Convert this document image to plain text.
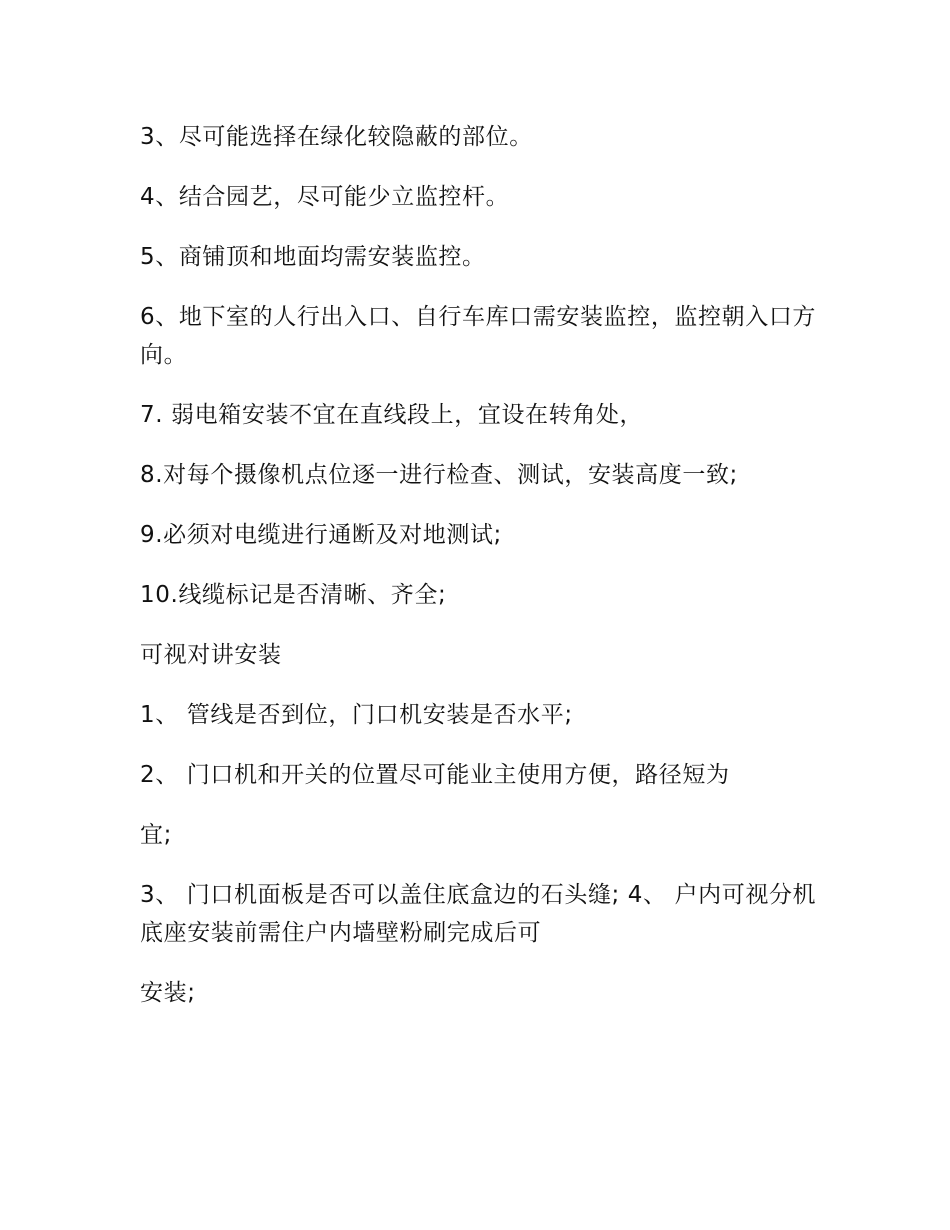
3、尽可能选择在绿化较隐蔽的部位。

4、结合园艺，尽可能少立监控杆。

5、商铺顶和地面均需安装监控。

6、地下室的人行出入口、自行车库口需安装监控，监控朝入口方向。

7. 弱电箱安装不宜在直线段上，宜设在转角处，

8.对每个摄像机点位逐一进行检查、测试，安装高度一致;

9.必须对电缆进行通断及对地测试;

10.线缆标记是否清晰、齐全;

可视对讲安装

1、 管线是否到位，门口机安装是否水平;

2、 门口机和开关的位置尽可能业主使用方便，路径短为

宜;

3、 门口机面板是否可以盖住底盒边的石头缝; 4、 户内可视分机底座安装前需住户内墙壁粉刷完成后可

安装;
